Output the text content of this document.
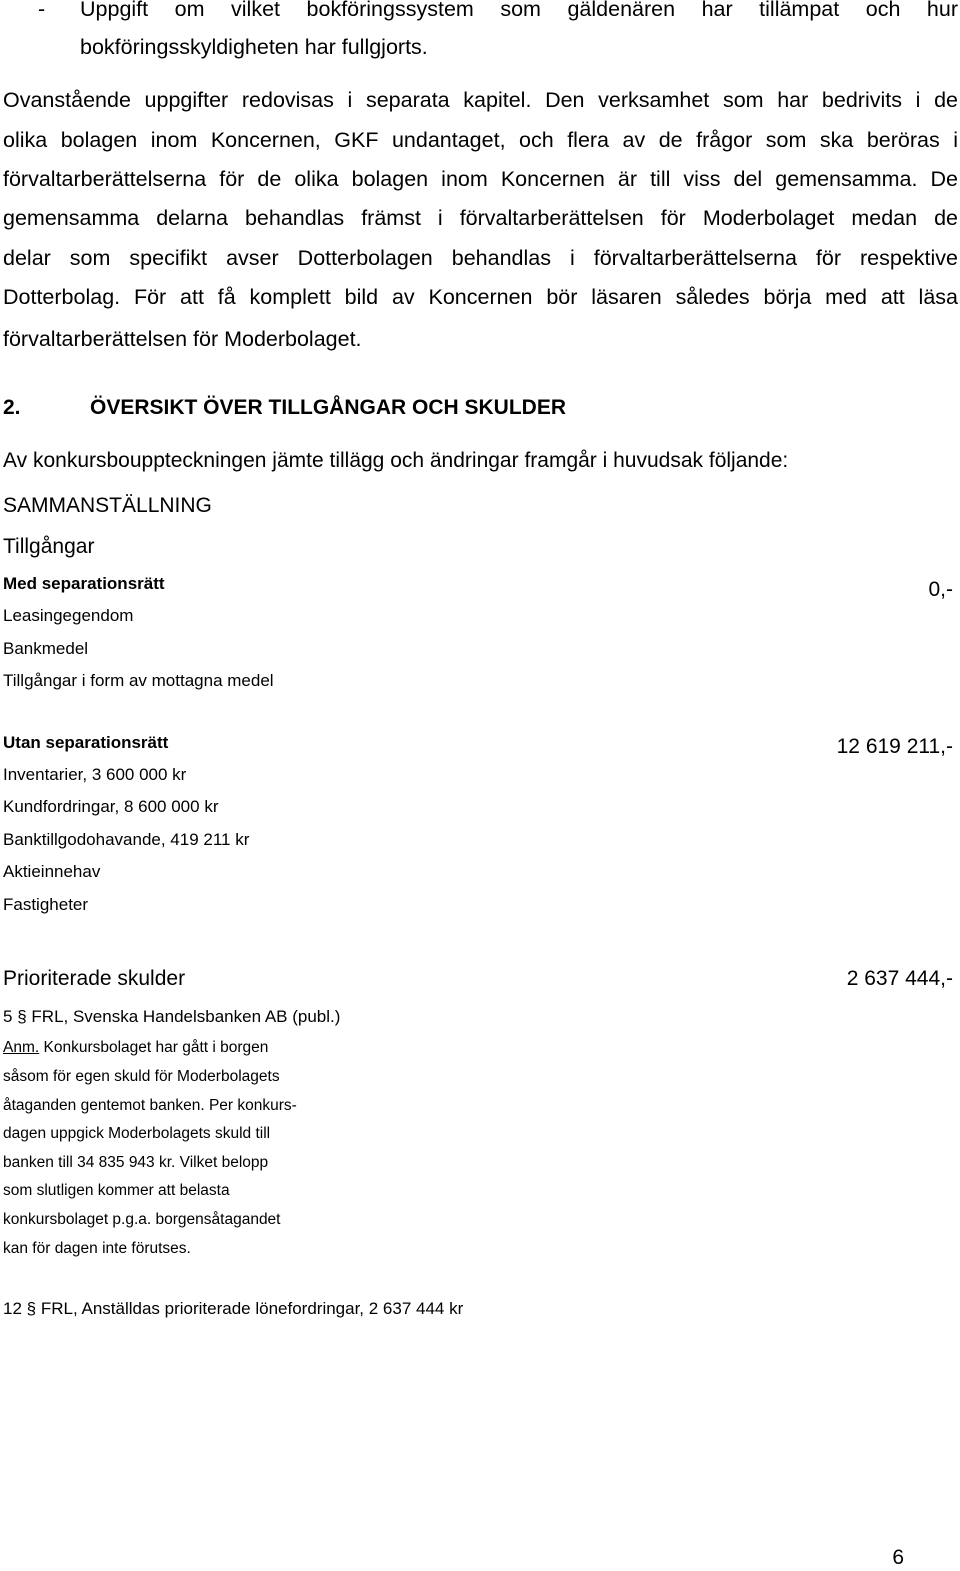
- Uppgift om vilket bokföringssystem som gäldenären har tillämpat och hur
bokföringsskyldigheten har fullgjorts.
Ovanstående uppgifter redovisas i separata kapitel. Den verksamhet som har bedrivits i de
olika bolagen inom Koncernen, GKF undantaget, och flera av de frågor som ska beröras i
förvaltarberättelserna för de olika bolagen inom Koncernen är till viss del gemensamma. De
gemensamma delarna behandlas främst i förvaltarberättelsen för Moderbolaget medan de
delar som specifikt avser Dotterbolagen behandlas i förvaltarberättelserna för respektive
Dotterbolag. För att få komplett bild av Koncernen bör läsaren således börja med att läsa
förvaltarberättelsen för Moderbolaget.
2.	ÖVERSIKT ÖVER TILLGÅNGAR OCH SKULDER
Av konkursbouppteckningen jämte tillägg och ändringar framgår i huvudsak följande:
SAMMANSTÄLLNING
Tillgångar
Med separationsrätt	0,-
Leasingegendom
Bankmedel
Tillgångar i form av mottagna medel
Utan separationsrätt	12 619 211,-
Inventarier, 3 600 000 kr
Kundfordringar, 8 600 000 kr
Banktillgodohavande, 419 211 kr
Aktieinnehav
Fastigheter
Prioriterade skulder	2 637 444,-
5 § FRL, Svenska Handelsbanken AB (publ.)
Anm. Konkursbolaget har gått i borgen
såsom för egen skuld för Moderbolagets
åtaganden gentemot banken. Per konkurs-
dagen uppgick Moderbolagets skuld till
banken till 34 835 943 kr. Vilket belopp
som slutligen kommer att belasta
konkursbolaget p.g.a. borgensåtagandet
kan för dagen inte förutses.
12 § FRL, Anställdas prioriterade lönefordringar, 2 637 444 kr
6
